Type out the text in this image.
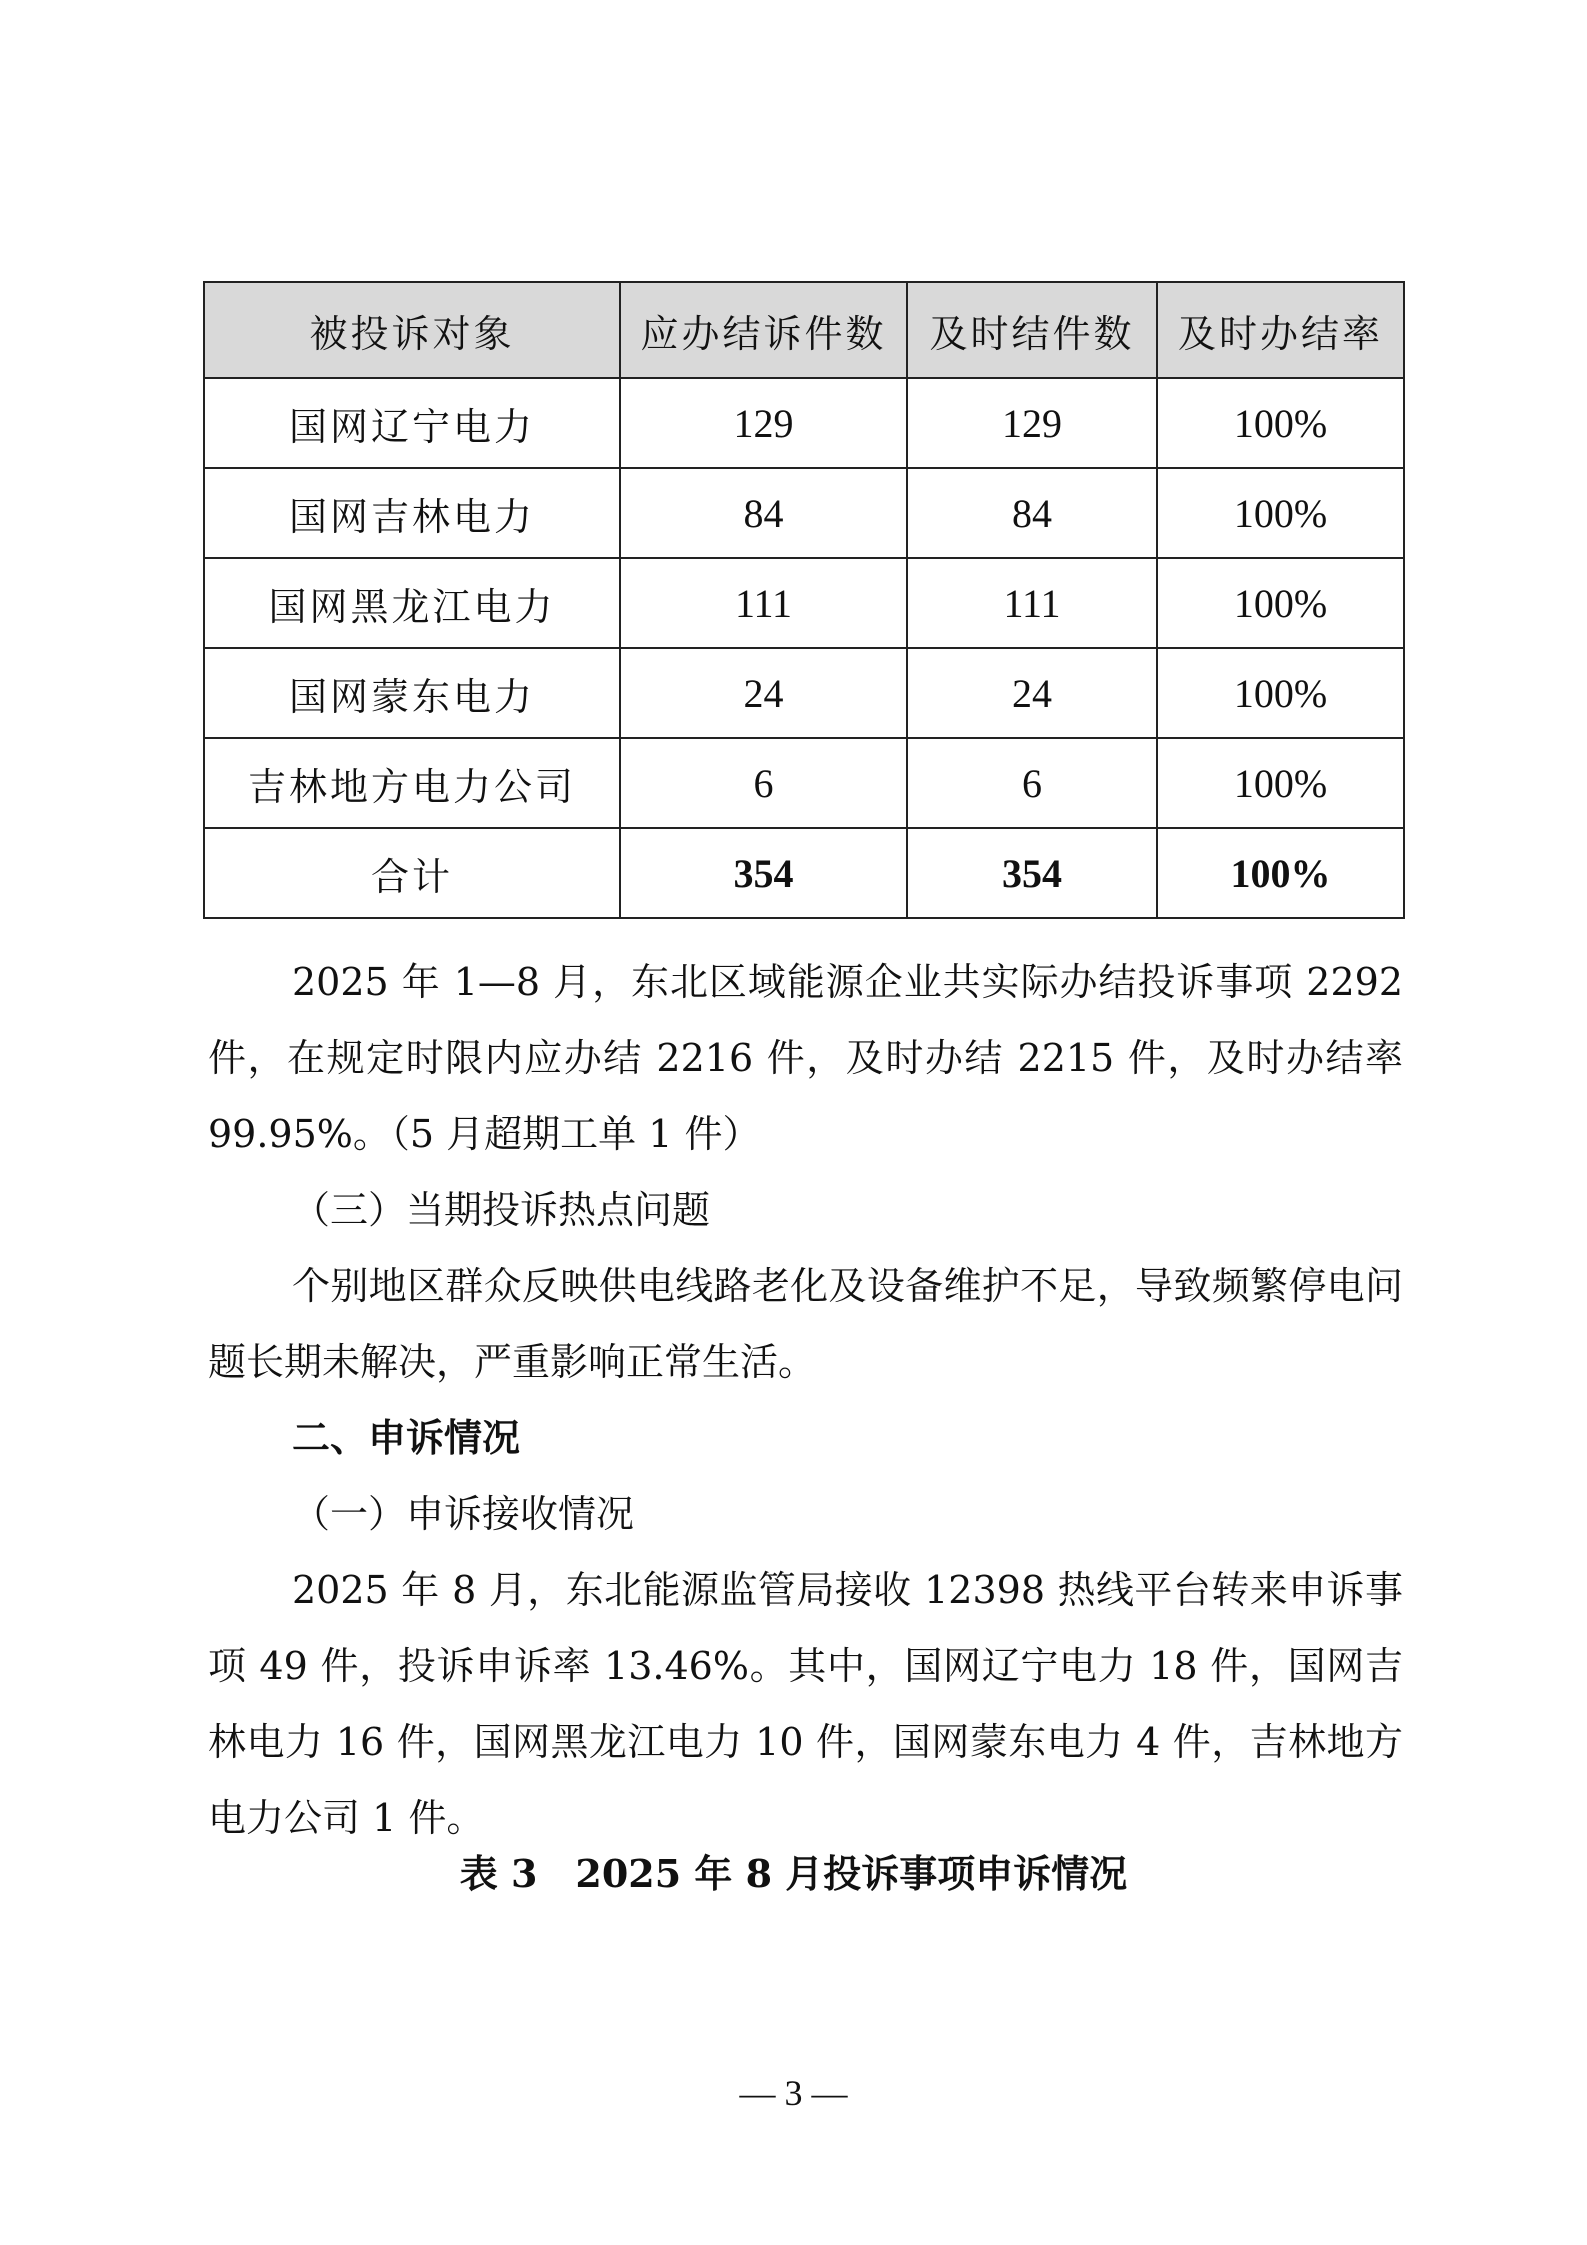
被投诉对象	应办结诉件数	及时结件数	及时办结率
国网辽宁电力	129	129	100%
国网吉林电力	84	84	100%
国网黑龙江电力	111	111	100%
国网蒙东电力	24	24	100%
吉林地方电力公司	6	6	100%
合计	354	354	100%

2025 年 1—8 月，东北区域能源企业共实际办结投诉事项 2292 件，在规定时限内应办结 2216 件，及时办结 2215 件，及时办结率 99.95%。（5 月超期工单 1 件）

（三）当期投诉热点问题

个别地区群众反映供电线路老化及设备维护不足，导致频繁停电问题长期未解决，严重影响正常生活。

二、申诉情况

（一）申诉接收情况

2025 年 8 月，东北能源监管局接收 12398 热线平台转来申诉事项 49 件，投诉申诉率 13.46%。其中，国网辽宁电力 18 件，国网吉林电力 16 件，国网黑龙江电力 10 件，国网蒙东电力 4 件，吉林地方电力公司 1 件。

表 3　2025 年 8 月投诉事项申诉情况

— 3 —
